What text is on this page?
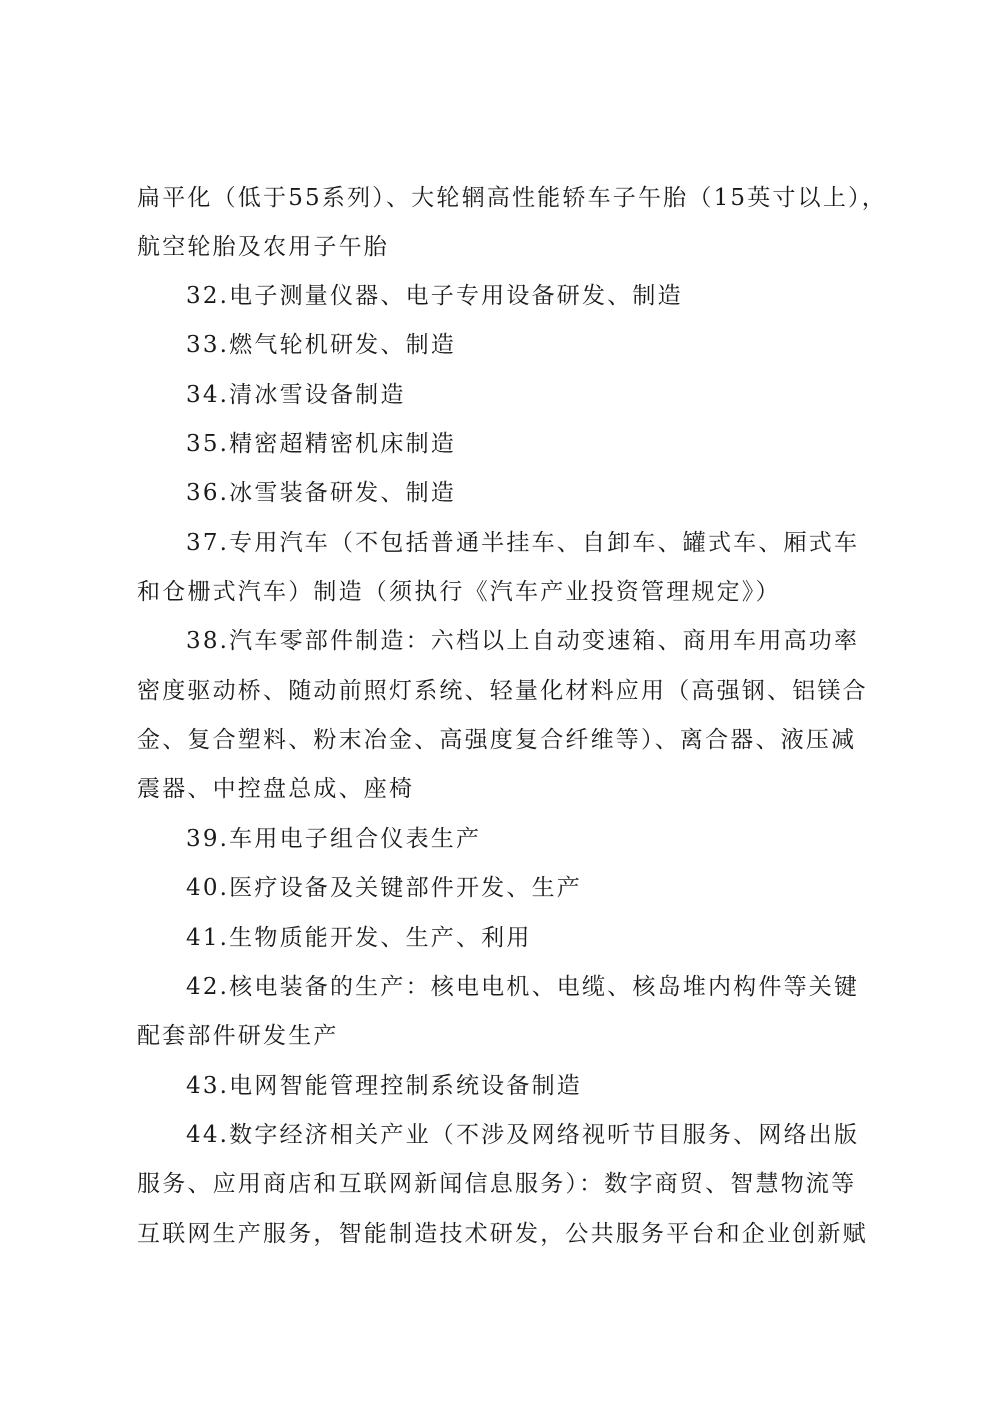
扁平化（低于55系列）、大轮辋高性能轿车子午胎（15英寸以上），
航空轮胎及农用子午胎
32.电子测量仪器、电子专用设备研发、制造
33.燃气轮机研发、制造
34.清冰雪设备制造
35.精密超精密机床制造
36.冰雪装备研发、制造
37.专用汽车（不包括普通半挂车、自卸车、罐式车、厢式车
和仓栅式汽车）制造（须执行《汽车产业投资管理规定》）
38.汽车零部件制造：六档以上自动变速箱、商用车用高功率
密度驱动桥、随动前照灯系统、轻量化材料应用（高强钢、铝镁合
金、复合塑料、粉末冶金、高强度复合纤维等）、离合器、液压减
震器、中控盘总成、座椅
39.车用电子组合仪表生产
40.医疗设备及关键部件开发、生产
41.生物质能开发、生产、利用
42.核电装备的生产：核电电机、电缆、核岛堆内构件等关键
配套部件研发生产
43.电网智能管理控制系统设备制造
44.数字经济相关产业（不涉及网络视听节目服务、网络出版
服务、应用商店和互联网新闻信息服务）：数字商贸、智慧物流等
互联网生产服务，智能制造技术研发，公共服务平台和企业创新赋
